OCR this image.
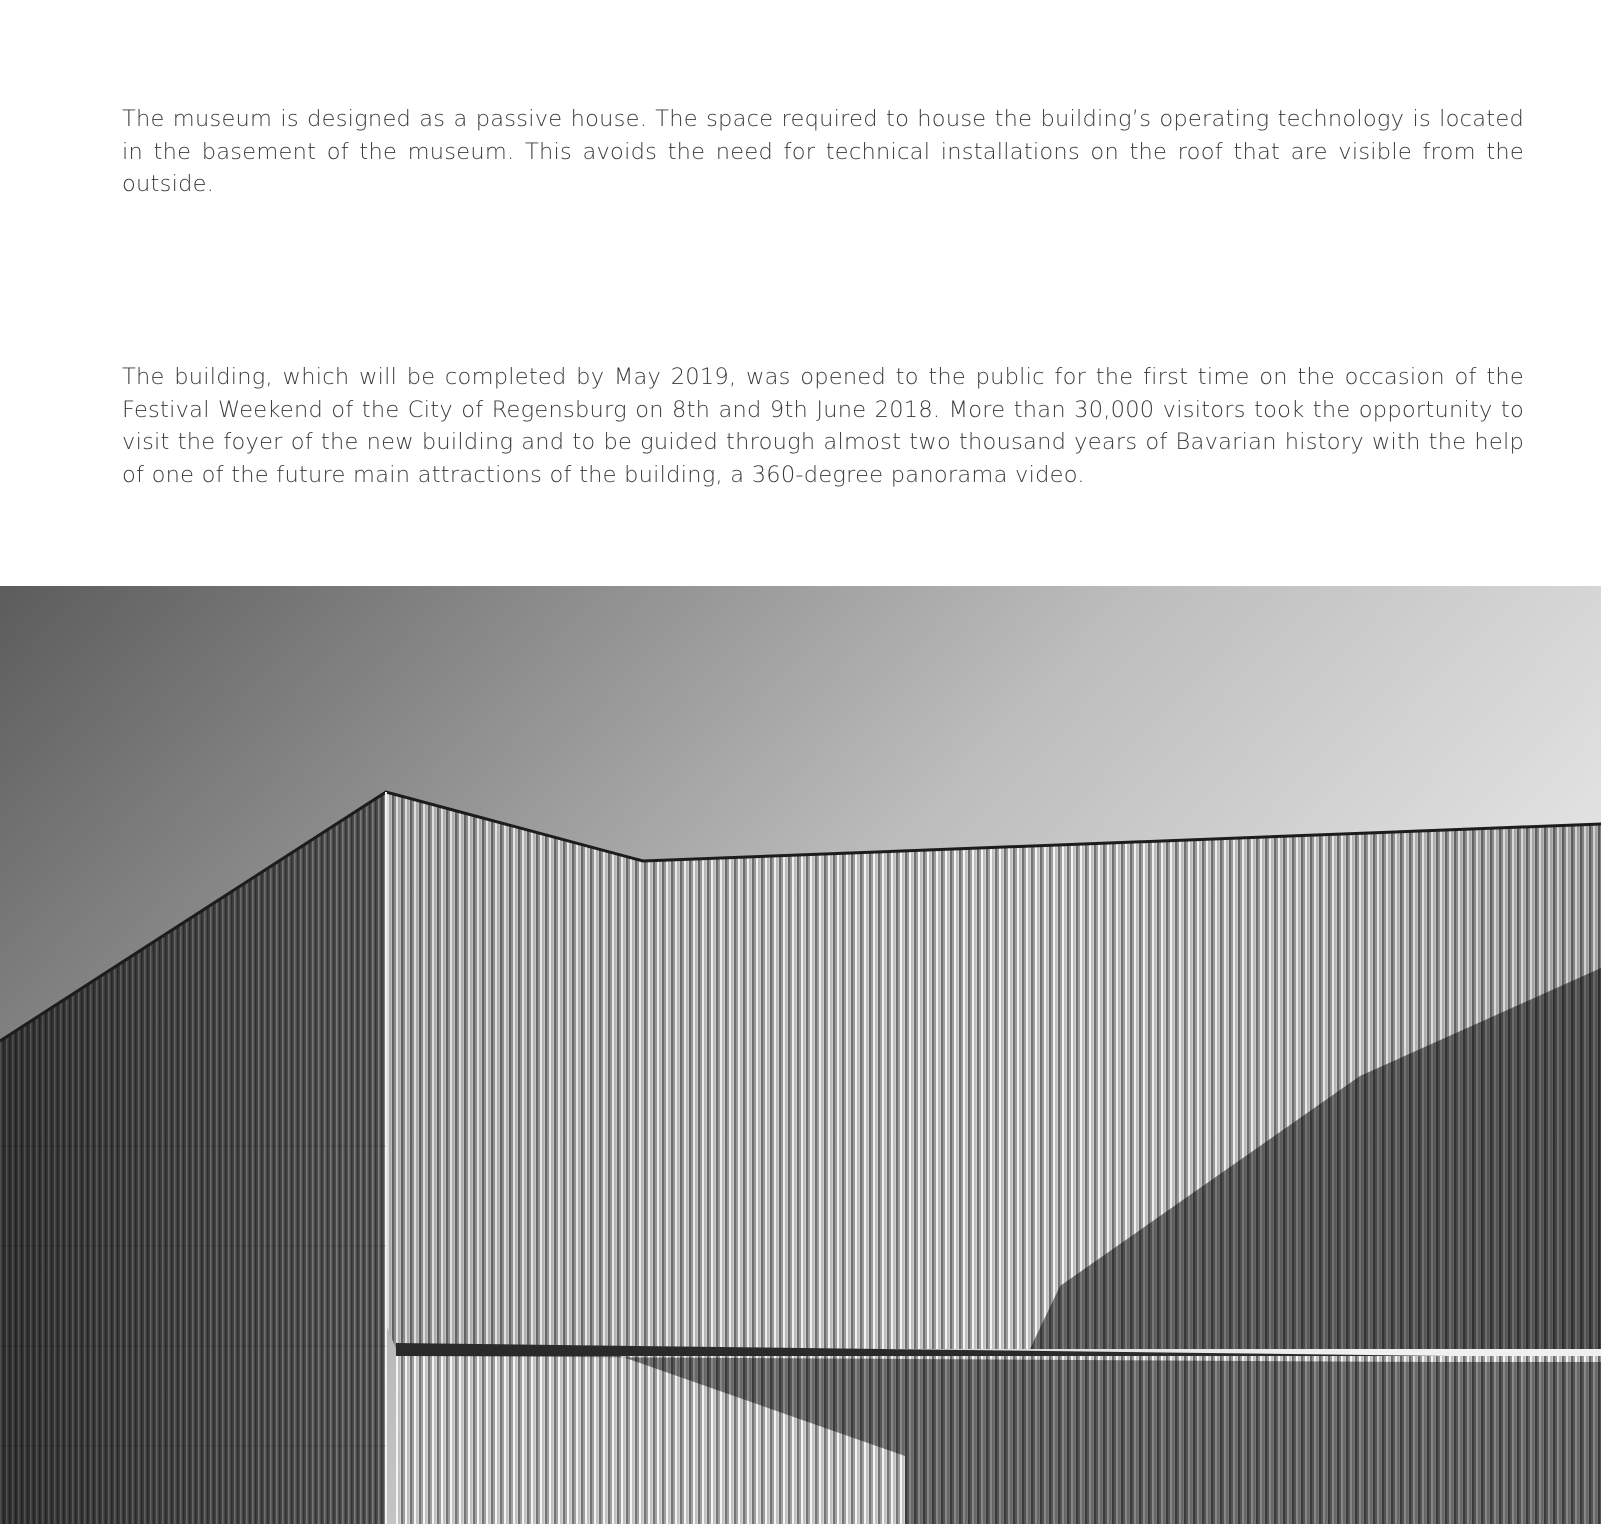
The museum is designed as a passive house. The space required to house the building’s operating technology is located in the basement of the museum. This avoids the need for technical installations on the roof that are visible from the outside.

The building, which will be completed by May 2019, was opened to the public for the first time on the occasion of the Festival Weekend of the City of Regensburg on 8th and 9th June 2018. More than 30,000 visitors took the opportunity to visit the foyer of the new building and to be guided through almost two thousand years of Bavarian history with the help of one of the future main attractions of the building, a 360-degree panorama video.
